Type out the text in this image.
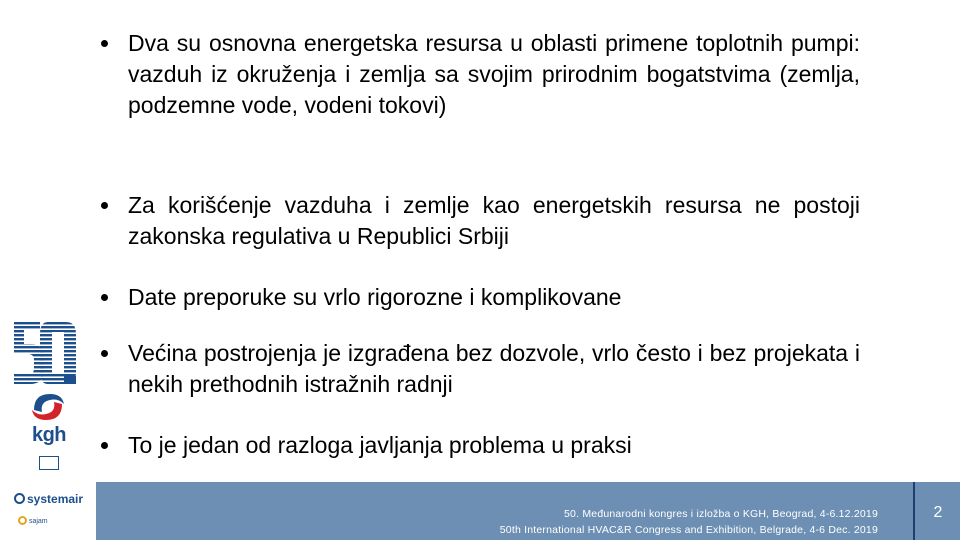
Dva su osnovna energetska resursa u oblasti primene toplotnih pumpi: vazduh iz okruženja i zemlja sa svojim prirodnim bogatstvima (zemlja, podzemne vode, vodeni tokovi)
Za korišćenje vazduha i zemlje kao energetskih resursa ne postoji zakonska regulativa u Republici Srbiji
Date preporuke su vrlo rigorozne i komplikovane
Većina postrojenja je izgrađena bez dozvole, vrlo često i bez projekata i nekih prethodnih istražnih radnji
To je jedan od razloga javljanja problema u praksi
kgh
systemair
sajam
50. Međunarodni kongres i izložba o KGH, Beograd, 4-6.12.2019
50th International HVAC&R Congress and Exhibition, Belgrade, 4-6 Dec. 2019
2
